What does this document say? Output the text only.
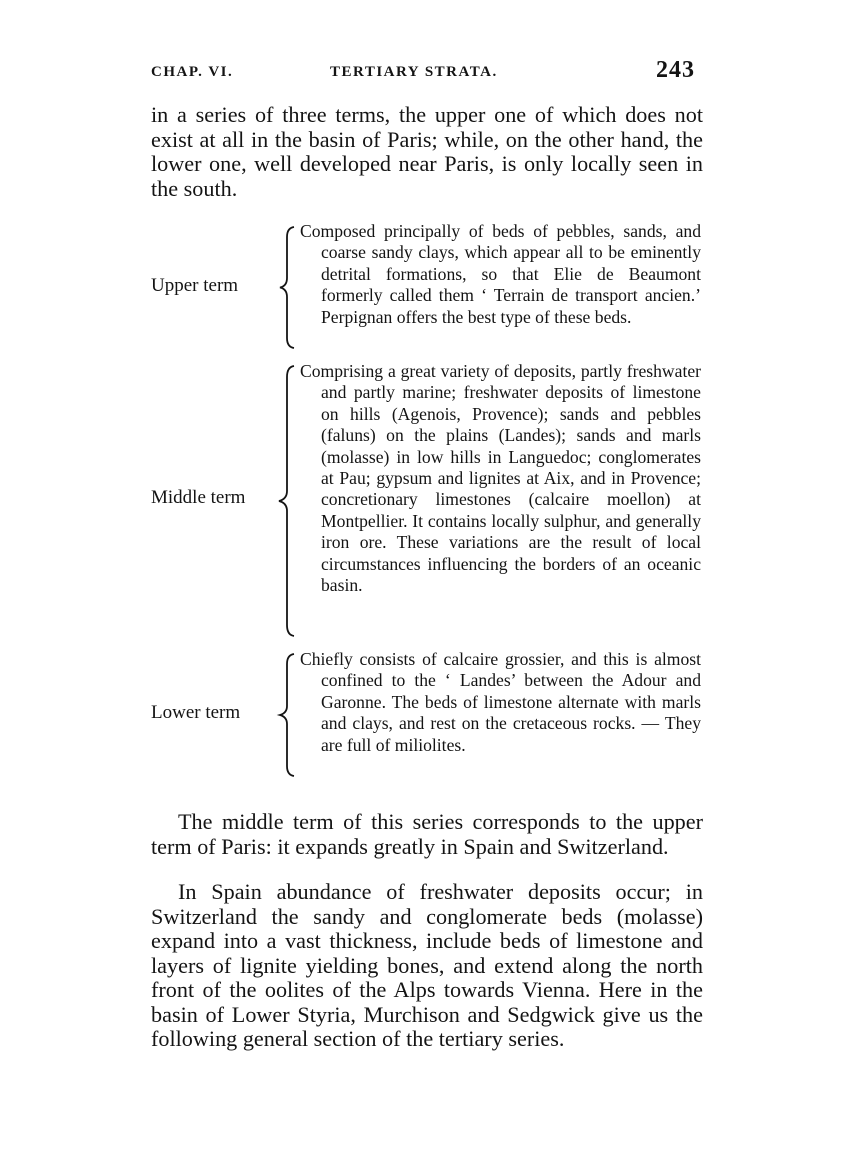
CHAP. VI.	TERTIARY STRATA.	243
in a series of three terms, the upper one of which does not exist at all in the basin of Paris; while, on the other hand, the lower one, well developed near Paris, is only locally seen in the south.
Upper term
Composed principally of beds of pebbles, sands, and coarse sandy clays, which appear all to be eminently detrital formations, so that Elie de Beaumont formerly called them ‘ Terrain de transport ancien.’ Perpignan offers the best type of these beds.
Middle term
Comprising a great variety of deposits, partly freshwater and partly marine; freshwater deposits of limestone on hills (Agenois, Provence); sands and pebbles (faluns) on the plains (Landes); sands and marls (molasse) in low hills in Languedoc; conglomerates at Pau; gypsum and lignites at Aix, and in Provence; concretionary limestones (calcaire moellon) at Montpellier. It contains locally sulphur, and generally iron ore. These variations are the result of local circumstances influencing the borders of an oceanic basin.
Lower term
Chiefly consists of calcaire grossier, and this is almost confined to the ‘ Landes’ between the Adour and Garonne. The beds of limestone alternate with marls and clays, and rest on the cretaceous rocks. — They are full of miliolites.
The middle term of this series corresponds to the upper term of Paris: it expands greatly in Spain and Switzerland.
In Spain abundance of freshwater deposits occur; in Switzerland the sandy and conglomerate beds (molasse) expand into a vast thickness, include beds of limestone and layers of lignite yielding bones, and extend along the north front of the oolites of the Alps towards Vienna. Here in the basin of Lower Styria, Murchison and Sedgwick give us the following general section of the tertiary series.
